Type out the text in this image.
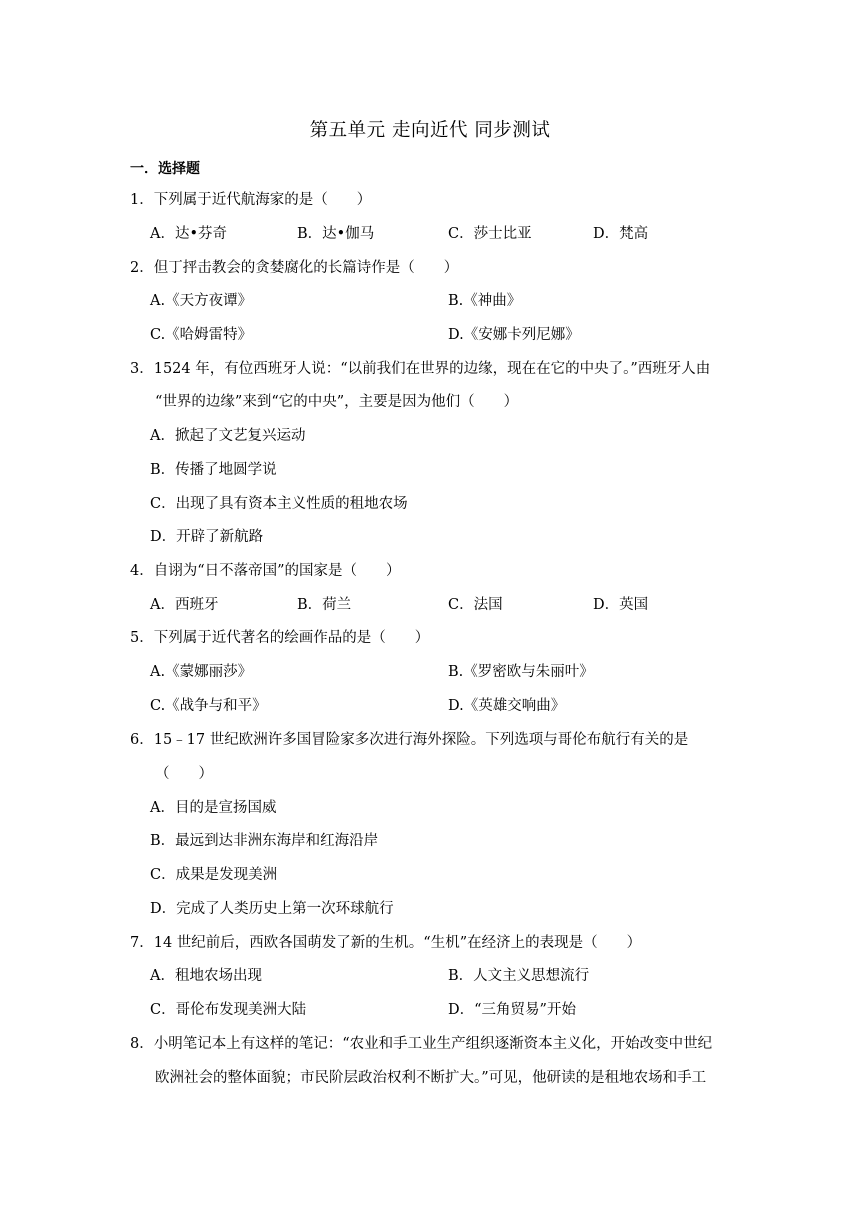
第五单元 走向近代 同步测试
一．选择题
1．下列属于近代航海家的是（　　）
A．达•芬奇	B．达•伽马	C．莎士比亚	D．梵高
2．但丁抨击教会的贪婪腐化的长篇诗作是（　　）
A.《天方夜谭》	B.《神曲》
C.《哈姆雷特》	D.《安娜卡列尼娜》
3．1524 年，有位西班牙人说：“以前我们在世界的边缘，现在在它的中央了。”西班牙人由
“世界的边缘”来到“它的中央”，主要是因为他们（　　）
A．掀起了文艺复兴运动
B．传播了地圆学说
C．出现了具有资本主义性质的租地农场
D．开辟了新航路
4．自诩为“日不落帝国”的国家是（　　）
A．西班牙	B．荷兰	C．法国	D．英国
5．下列属于近代著名的绘画作品的是（　　）
A.《蒙娜丽莎》	B.《罗密欧与朱丽叶》
C.《战争与和平》	D.《英雄交响曲》
6．15﹣17 世纪欧洲许多国冒险家多次进行海外探险。下列选项与哥伦布航行有关的是
（　　）
A．目的是宣扬国威
B．最远到达非洲东海岸和红海沿岸
C．成果是发现美洲
D．完成了人类历史上第一次环球航行
7．14 世纪前后，西欧各国萌发了新的生机。“生机”在经济上的表现是（　　）
A．租地农场出现	B．人文主义思想流行
C．哥伦布发现美洲大陆	D．“三角贸易”开始
8．小明笔记本上有这样的笔记：“农业和手工业生产组织逐渐资本主义化，开始改变中世纪
欧洲社会的整体面貌；市民阶层政治权利不断扩大。”可见，他研读的是租地农场和手工
